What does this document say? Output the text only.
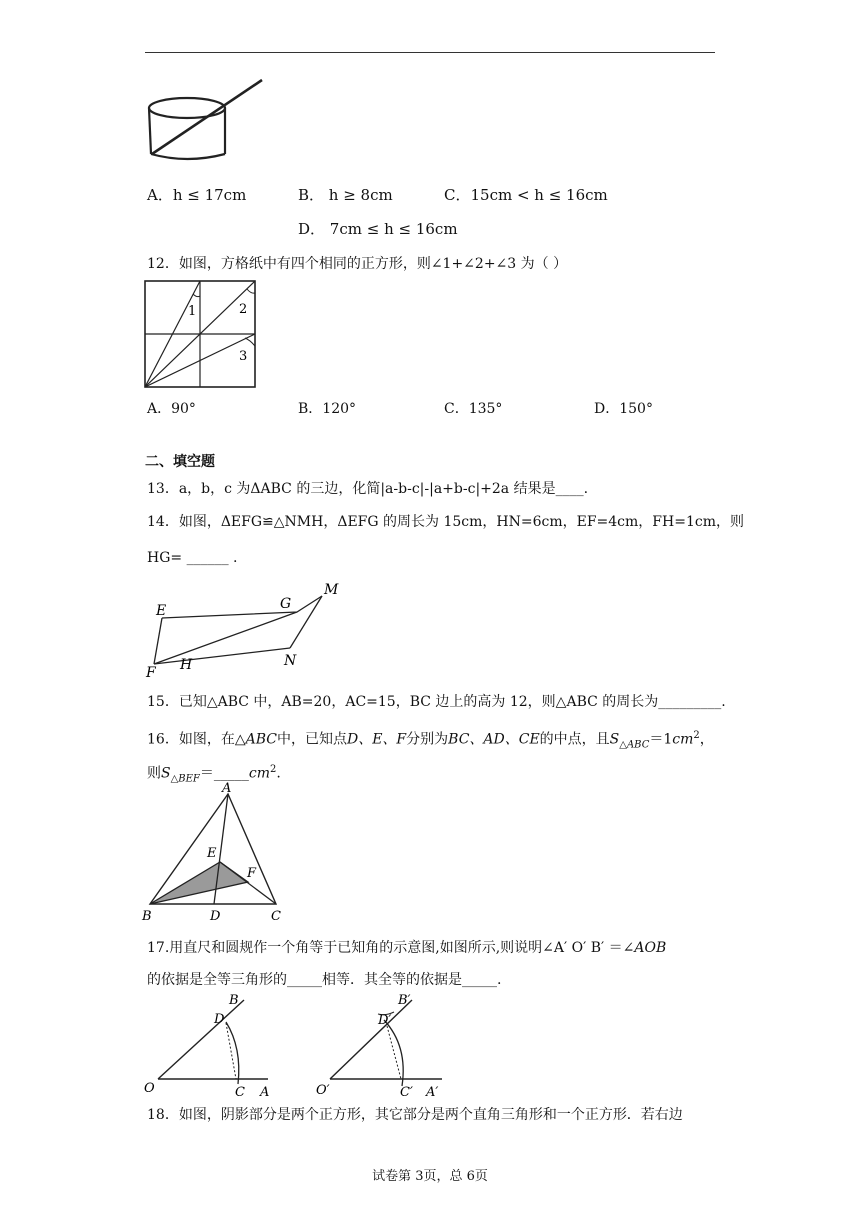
A．h ≤ 17cm	B． h ≥ 8cm	C．15cm < h ≤ 16cm
D． 7cm ≤ h ≤ 16cm
12．如图，方格纸中有四个相同的正方形，则∠1+∠2+∠3 为（ ）
1	2
3
A．90°	B．120°	C．135°	D．150°
二、填空题
13．a，b，c 为ΔABC 的三边，化简|a-b-c|-|a+b-c|+2a 结果是____.
14．如图，ΔEFG≌△NMH，ΔEFG 的周长为 15cm，HN=6cm，EF=4cm，FH=1cm，则
HG= ______ .
E	G
M
F H	N
15．已知△ABC 中，AB=20，AC=15，BC 边上的高为 12，则△ABC 的周长为_________.
16．如图，在△ABC中，已知点D、E、F分别为BC、AD、CE的中点，且$S_{\triangle ABC}=1cm^2$，
则$S_{\triangle BEF}=\_\_\_\_\_cm^2$.
A
E
F
B	D	C
17.用直尺和圆规作一个角等于已知角的示意图,如图所示,则说明∠A′ O′ B′ ＝∠AOB
的依据是全等三角形的_____相等．其全等的依据是_____.
B
D
O	C A
B′
D′
O′	C′ A′
18．如图，阴影部分是两个正方形，其它部分是两个直角三角形和一个正方形．若右边
试卷第 3页，总 6页
